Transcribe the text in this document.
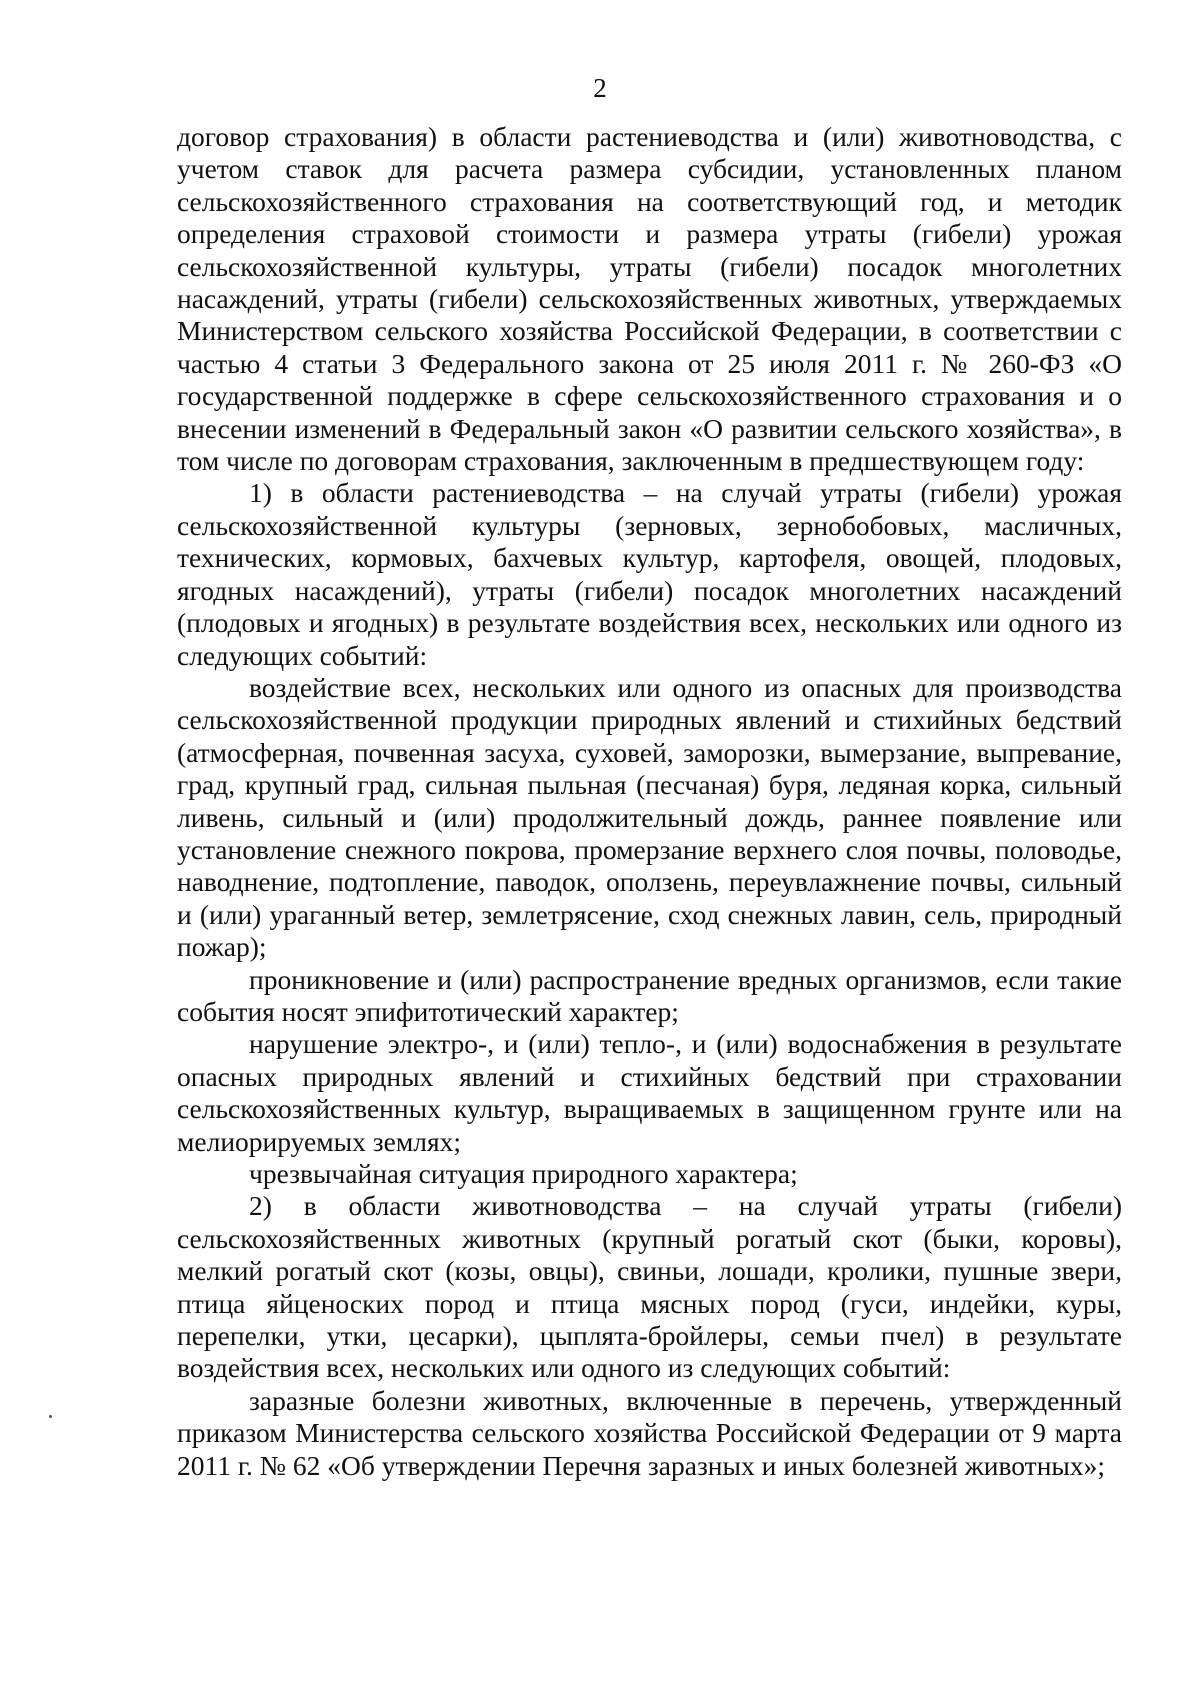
2

договор страхования) в области растениеводства и (или) животноводства, с учетом ставок для расчета размера субсидии, установленных планом сельскохозяйственного страхования на соответствующий год, и методик определения страховой стоимости и размера утраты (гибели) урожая сельскохозяйственной культуры, утраты (гибели) посадок многолетних насаждений, утраты (гибели) сельскохозяйственных животных, утверждаемых Министерством сельского хозяйства Российской Федерации, в соответствии с частью 4 статьи 3 Федерального закона от 25 июля 2011 г. № 260-ФЗ «О государственной поддержке в сфере сельскохозяйственного страхования и о внесении изменений в Федеральный закон «О развитии сельского хозяйства», в том числе по договорам страхования, заключенным в предшествующем году:

1) в области растениеводства – на случай утраты (гибели) урожая сельскохозяйственной культуры (зерновых, зернобобовых, масличных, технических, кормовых, бахчевых культур, картофеля, овощей, плодовых, ягодных насаждений), утраты (гибели) посадок многолетних насаждений (плодовых и ягодных) в результате воздействия всех, нескольких или одного из следующих событий:

воздействие всех, нескольких или одного из опасных для производства сельскохозяйственной продукции природных явлений и стихийных бедствий (атмосферная, почвенная засуха, суховей, заморозки, вымерзание, выпревание, град, крупный град, сильная пыльная (песчаная) буря, ледяная корка, сильный ливень, сильный и (или) продолжительный дождь, раннее появление или установление снежного покрова, промерзание верхнего слоя почвы, половодье, наводнение, подтопление, паводок, оползень, переувлажнение почвы, сильный и (или) ураганный ветер, землетрясение, сход снежных лавин, сель, природный пожар);

проникновение и (или) распространение вредных организмов, если такие события носят эпифитотический характер;

нарушение электро-, и (или) тепло-, и (или) водоснабжения в результате опасных природных явлений и стихийных бедствий при страховании сельскохозяйственных культур, выращиваемых в защищенном грунте или на мелиорируемых землях;

чрезвычайная ситуация природного характера;

2) в области животноводства – на случай утраты (гибели) сельскохозяйственных животных (крупный рогатый скот (быки, коровы), мелкий рогатый скот (козы, овцы), свиньи, лошади, кролики, пушные звери, птица яйценоских пород и птица мясных пород (гуси, индейки, куры, перепелки, утки, цесарки), цыплята-бройлеры, семьи пчел) в результате воздействия всех, нескольких или одного из следующих событий:

заразные болезни животных, включенные в перечень, утвержденный приказом Министерства сельского хозяйства Российской Федерации от 9 марта 2011 г. № 62 «Об утверждении Перечня заразных и иных болезней животных»;
